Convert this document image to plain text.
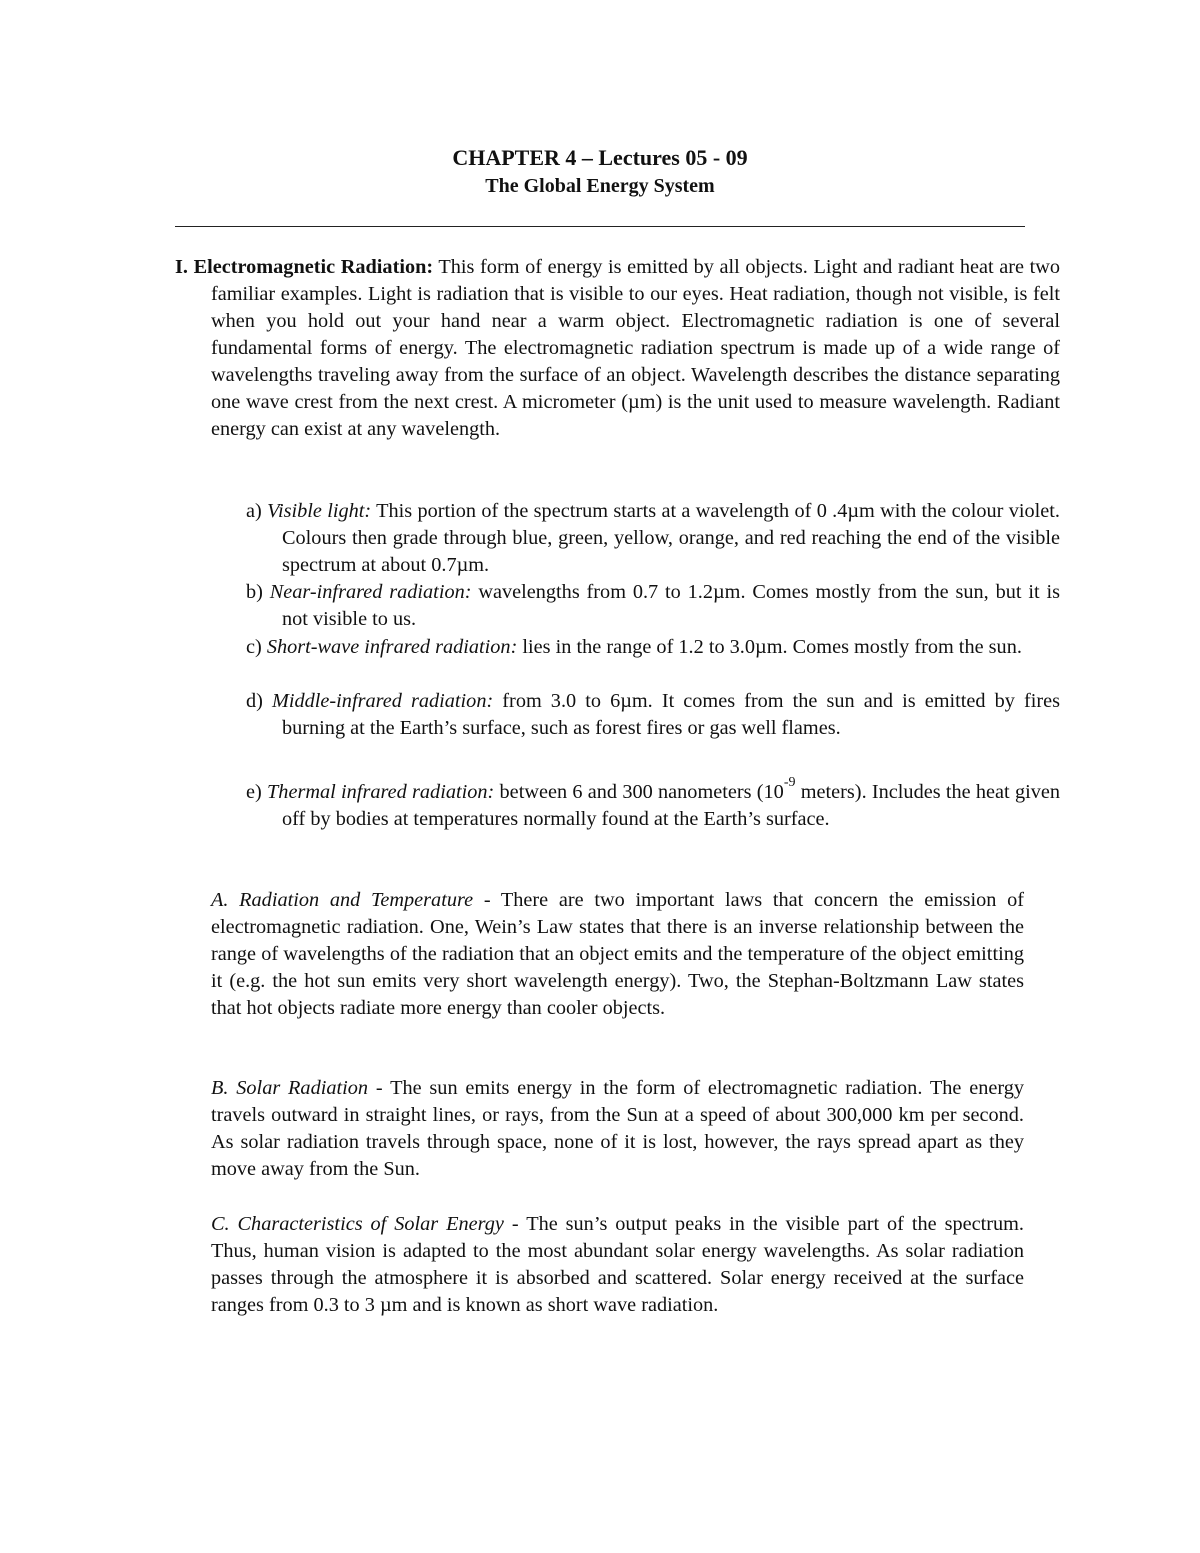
CHAPTER 4 – Lectures 05 - 09
The Global Energy System
I. Electromagnetic Radiation: This form of energy is emitted by all objects. Light and radiant heat are two familiar examples. Light is radiation that is visible to our eyes. Heat radiation, though not visible, is felt when you hold out your hand near a warm object. Electromagnetic radiation is one of several fundamental forms of energy. The electromagnetic radiation spectrum is made up of a wide range of wavelengths traveling away from the surface of an object. Wavelength describes the distance separating one wave crest from the next crest. A micrometer (µm) is the unit used to measure wavelength. Radiant energy can exist at any wavelength.
a) Visible light: This portion of the spectrum starts at a wavelength of 0 .4µm with the colour violet. Colours then grade through blue, green, yellow, orange, and red reaching the end of the visible spectrum at about 0.7µm.
b) Near-infrared radiation: wavelengths from 0.7 to 1.2µm. Comes mostly from the sun, but it is not visible to us.
c) Short-wave infrared radiation: lies in the range of 1.2 to 3.0µm. Comes mostly from the sun.
d) Middle-infrared radiation: from 3.0 to 6µm. It comes from the sun and is emitted by fires burning at the Earth’s surface, such as forest fires or gas well flames.
e) Thermal infrared radiation: between 6 and 300 nanometers ($10^{-9}$ meters). Includes the heat given off by bodies at temperatures normally found at the Earth’s surface.
A. Radiation and Temperature - There are two important laws that concern the emission of electromagnetic radiation. One, Wein’s Law states that there is an inverse relationship between the range of wavelengths of the radiation that an object emits and the temperature of the object emitting it (e.g. the hot sun emits very short wavelength energy). Two, the Stephan-Boltzmann Law states that hot objects radiate more energy than cooler objects.
B. Solar Radiation - The sun emits energy in the form of electromagnetic radiation. The energy travels outward in straight lines, or rays, from the Sun at a speed of about 300,000 km per second. As solar radiation travels through space, none of it is lost, however, the rays spread apart as they move away from the Sun.
C. Characteristics of Solar Energy - The sun’s output peaks in the visible part of the spectrum. Thus, human vision is adapted to the most abundant solar energy wavelengths. As solar radiation passes through the atmosphere it is absorbed and scattered. Solar energy received at the surface ranges from 0.3 to 3 µm and is known as short wave radiation.
